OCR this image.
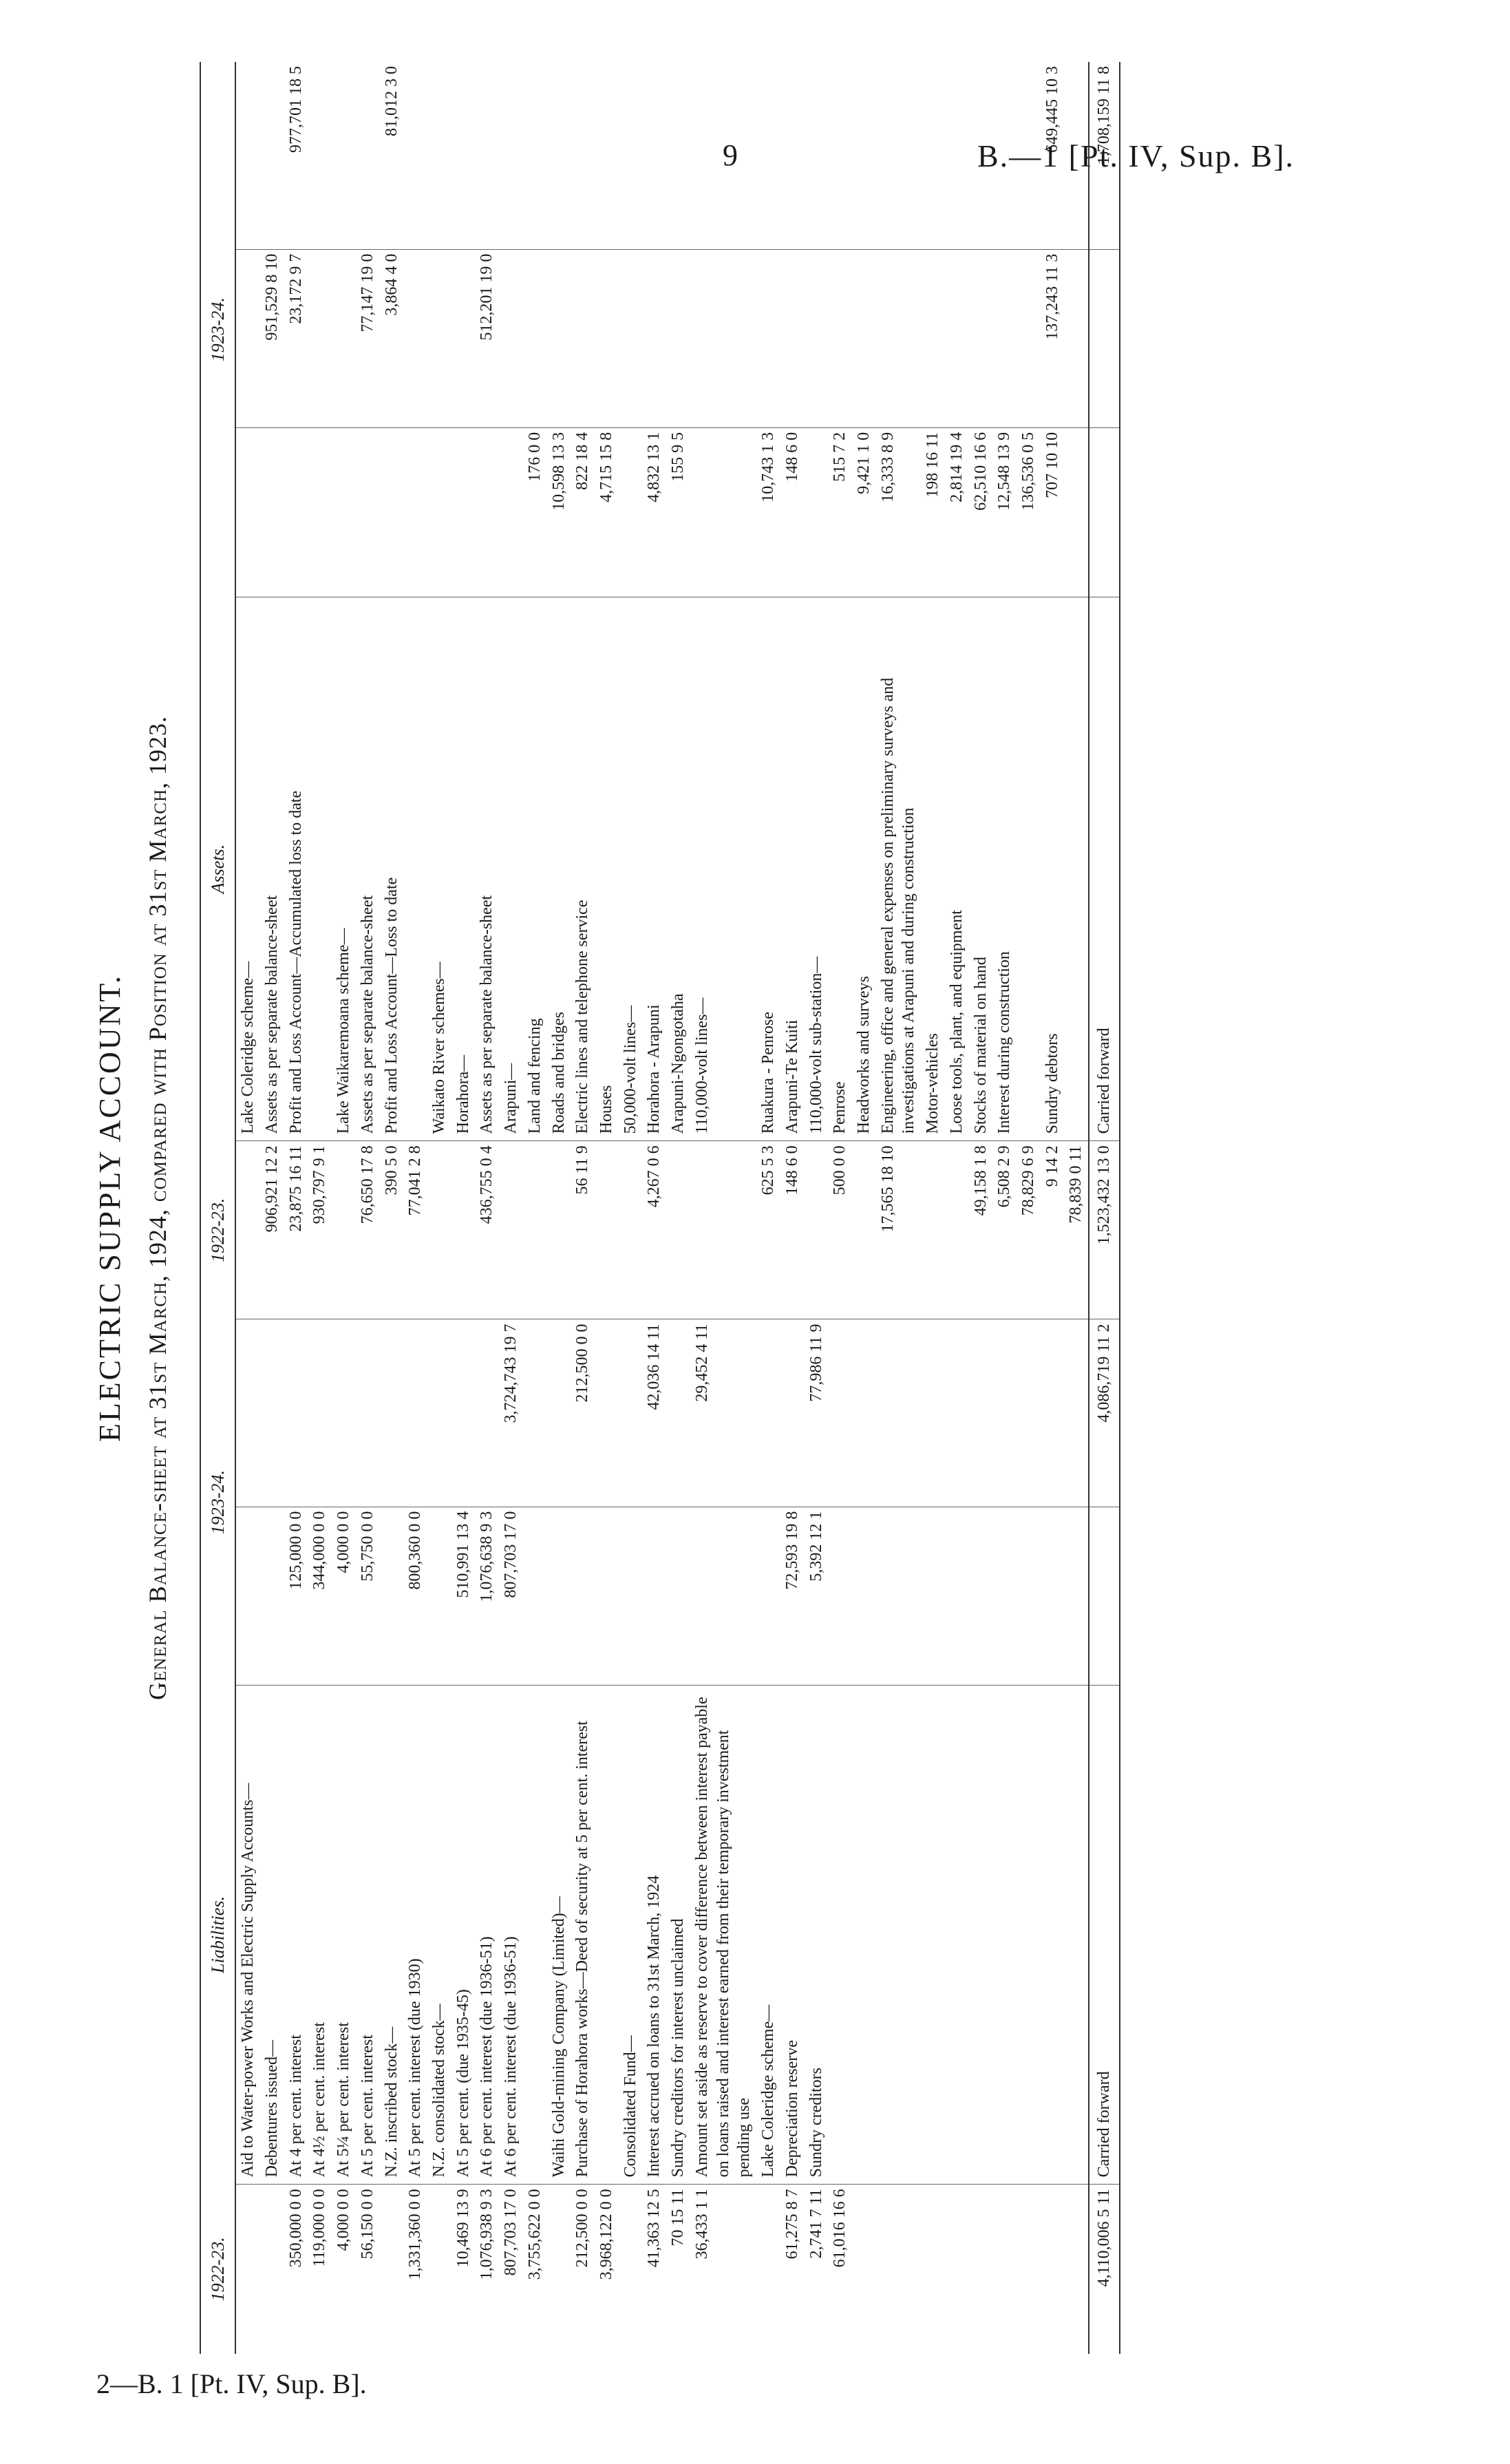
9	B.—1 [Pt. IV, Sup. B].
ELECTRIC SUPPLY ACCOUNT. General Balance-sheet at 31st March, 1924, compared with Position at 31st March, 1923.
1922-23.	Liabilities.	1923-24.		1922-23.	Assets.	1923-24.		
	Aid to Water-power Works and Electric Supply Accounts—				Lake Coleridge scheme—			
	Debentures issued—			906,921 12 2	Assets as per separate balance-sheet		951,529 8 10	
350,000 0 0	At 4 per cent. interest	125,000 0 0		23,875 16 11	Profit and Loss Account—Accumulated loss to date		23,172 9 7	977,701 18 5
119,000 0 0	At 4½ per cent. interest	344,000 0 0		930,797 9 1				
4,000 0 0	At 5¼ per cent. interest	4,000 0 0			Lake Waikaremoana scheme—			
56,150 0 0	At 5 per cent. interest	55,750 0 0		76,650 17 8	Assets as per separate balance-sheet		77,147 19 0	
	N.Z. inscribed stock—			390 5 0	Profit and Loss Account—Loss to date		3,864 4 0	81,012 3 0
1,331,360 0 0	At 5 per cent. interest (due 1930)	800,360 0 0		77,041 2 8				
	N.Z. consolidated stock—				Waikato River schemes—			
10,469 13 9	At 5 per cent. (due 1935-45)	510,991 13 4			Horahora—			
1,076,938 9 3	At 6 per cent. interest (due 1936-51)	1,076,638 9 3		436,755 0 4	Assets as per separate balance-sheet		512,201 19 0	
807,703 17 0	At 6 per cent. interest (due 1936-51)	807,703 17 0	3,724,743 19 7		Arapuni—			
3,755,622 0 0					Land and fencing	176 0 0		
	Waihi Gold-mining Company (Limited)—				Roads and bridges	10,598 13 3		
212,500 0 0	Purchase of Horahora works—Deed of security at 5 per cent. interest		212,500 0 0	56 11 9	Electric lines and telephone service	822 18 4		
3,968,122 0 0					Houses	4,715 15 8		
	Consolidated Fund—				50,000-volt lines—			
41,363 12 5	Interest accrued on loans to 31st March, 1924		42,036 14 11	4,267 0 6	Horahora - Arapuni	4,832 13 1		
70 15 11	Sundry creditors for interest unclaimed				Arapuni-Ngongotaha	155 9 5		
36,433 1 1	Amount set aside as reserve to cover difference between interest payable on loans raised and interest earned from their temporary investment pending use		29,452 4 11		110,000-volt lines—			
	Lake Coleridge scheme—			625 5 3	Ruakura - Penrose	10,743 1 3		
61,275 8 7	Depreciation reserve	72,593 19 8		148 6 0	Arapuni-Te Kuiti	148 6 0		
2,741 7 11	Sundry creditors	5,392 12 1	77,986 11 9		110,000-volt sub-station—			
61,016 16 6				500 0 0	Penrose	515 7 2		
					Headworks and surveys	9,421 1 0		
				17,565 18 10	Engineering, office and general expenses on preliminary surveys and investigations at Arapuni and during construction	16,333 8 9		
					Motor-vehicles	198 16 11		
					Loose tools, plant, and equipment	2,814 19 4		
				49,158 1 8	Stocks of material on hand	62,510 16 6		
				6,508 2 9	Interest during construction	12,548 13 9		
				78,829 6 9		136,536 0 5		
				9 14 2	Sundry debtors	707 10 10	137,243 11 3	649,445 10 3
				78,839 0 11				
4,110,006 5 11	Carried forward		4,086,719 11 2	1,523,432 13 0	Carried forward			1,708,159 11 8
2—B. 1 [Pt. IV, Sup. B].
